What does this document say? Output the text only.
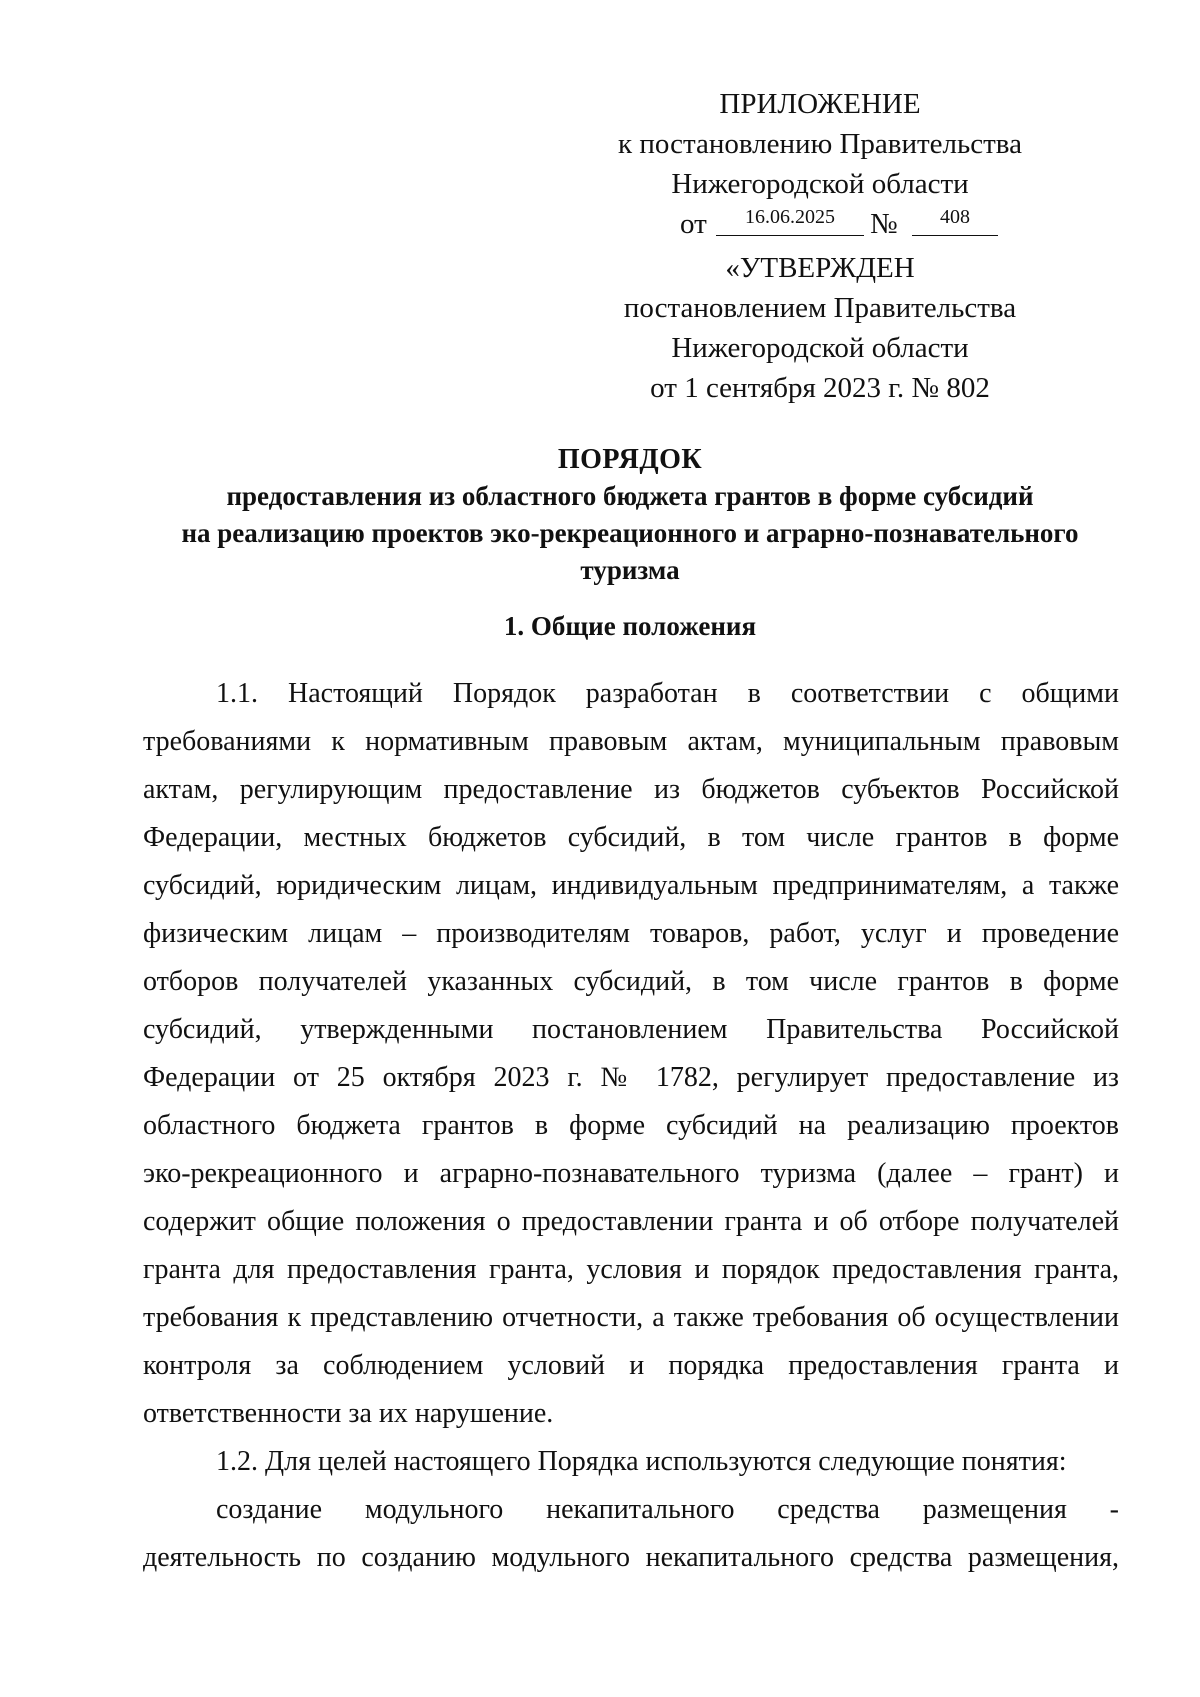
ПРИЛОЖЕНИЕ
к постановлению Правительства
Нижегородской области
от	16.06.2025	№	408
«УТВЕРЖДЕН
постановлением Правительства
Нижегородской области
от 1 сентября 2023 г. № 802
ПОРЯДОК
предоставления из областного бюджета грантов в форме субсидий
на реализацию проектов эко-рекреационного и аграрно-познавательного
туризма
1. Общие положения
1.1. Настоящий Порядок разработан в соответствии с общими
требованиями к нормативным правовым актам, муниципальным правовым
актам, регулирующим предоставление из бюджетов субъектов Российской
Федерации, местных бюджетов субсидий, в том числе грантов в форме
субсидий, юридическим лицам, индивидуальным предпринимателям, а также
физическим лицам – производителям товаров, работ, услуг и проведение
отборов получателей указанных субсидий, в том числе грантов в форме
субсидий, утвержденными постановлением Правительства Российской
Федерации от 25 октября 2023 г. № 1782, регулирует предоставление из
областного бюджета грантов в форме субсидий на реализацию проектов
эко-рекреационного и аграрно-познавательного туризма (далее – грант) и
содержит общие положения о предоставлении гранта и об отборе получателей
гранта для предоставления гранта, условия и порядок предоставления гранта,
требования к представлению отчетности, а также требования об осуществлении
контроля за соблюдением условий и порядка предоставления гранта и
ответственности за их нарушение.
1.2. Для целей настоящего Порядка используются следующие понятия:
создание модульного некапитального средства размещения -
деятельность по созданию модульного некапитального средства размещения,
